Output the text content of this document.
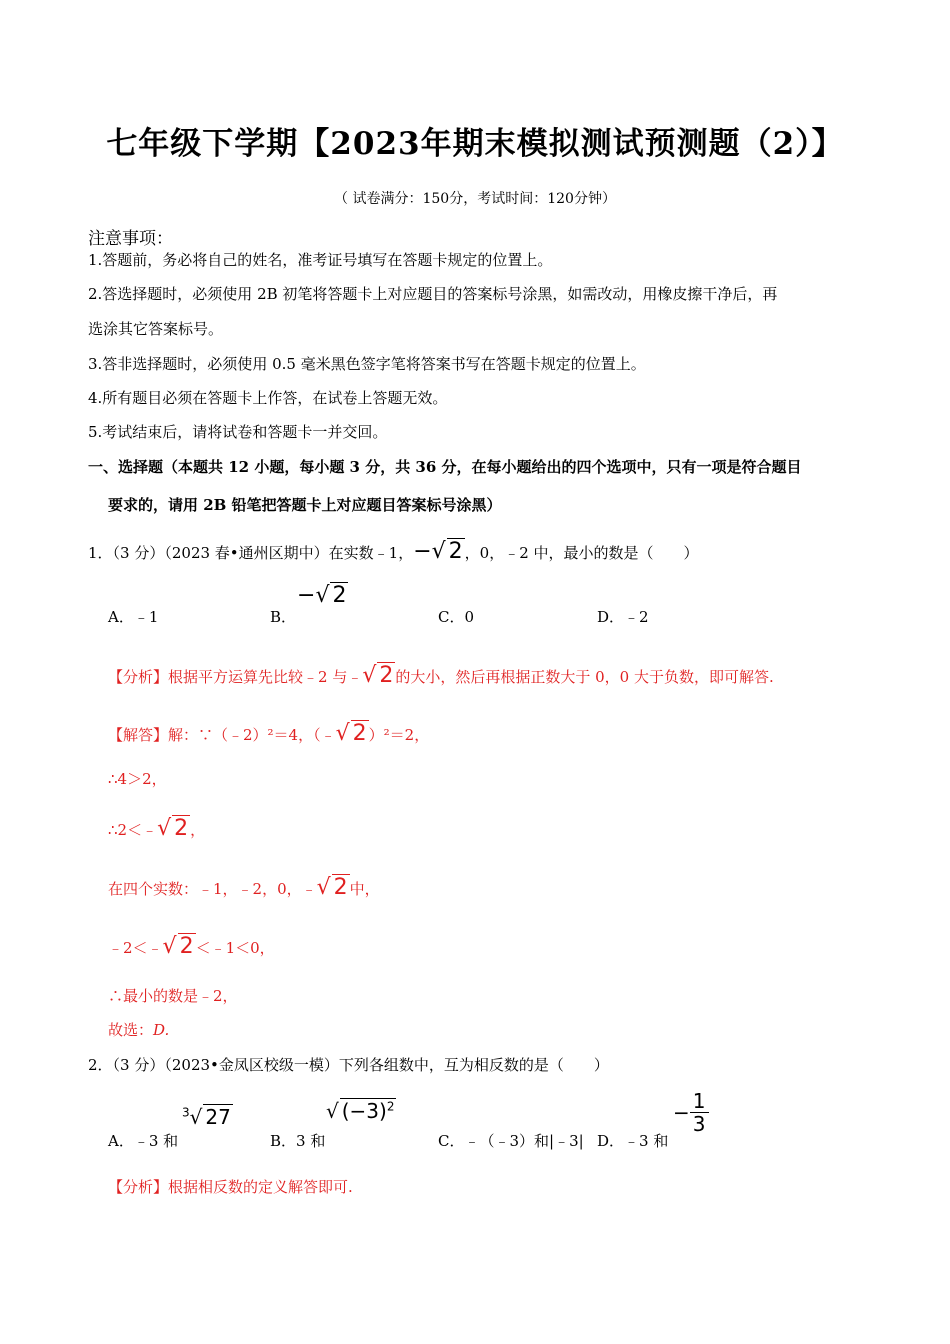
七年级下学期【2023年期末模拟测试预测题（2）】
（ 试卷满分：150分，考试时间：120分钟）
注意事项：
1.答题前，务必将自己的姓名，准考证号填写在答题卡规定的位置上。
2.答选择题时，必须使用 2B 初笔将答题卡上对应题目的答案标号涂黑，如需改动，用橡皮擦干净后，再
选涂其它答案标号。
3.答非选择题时，必须使用 0.5 毫米黑色签字笔将答案书写在答题卡规定的位置上。
4.所有题目必须在答题卡上作答，在试卷上答题无效。
5.考试结束后，请将试卷和答题卡一并交回。
一、选择题（本题共 12 小题，每小题 3 分，共 36 分，在每小题给出的四个选项中，只有一项是符合题目
要求的，请用 2B 铅笔把答题卡上对应题目答案标号涂黑）
1．（3 分）（2023 春•通州区期中）在实数﹣1，−√ 2 ，0，﹣2 中，最小的数是（　　）
A．﹣1	B．
−√ 2
C．0	D．﹣2
【分析】根据平方运算先比较﹣2 与﹣√ 2 的大小，然后再根据正数大于 0，0 大于负数，即可解答.
【解答】解：∵（﹣2）²＝4，（﹣√ 2 ）²＝2，
∴4＞2，
∴2＜﹣√ 2 ，
在四个实数：﹣1，﹣2，0，﹣√ 2 中，
﹣2＜﹣√ 2 ＜﹣1＜0，
∴最小的数是﹣2，
故选：D.
2．（3 分）（2023•金凤区校级一模）下列各组数中，互为相反数的是（　　）
A．﹣3 和
$^3$√ 27
B．3 和
√ $(-3)^2$
C．﹣（﹣3）和|﹣3| D．﹣3 和
− $\frac{1}{3}$
【分析】根据相反数的定义解答即可.
